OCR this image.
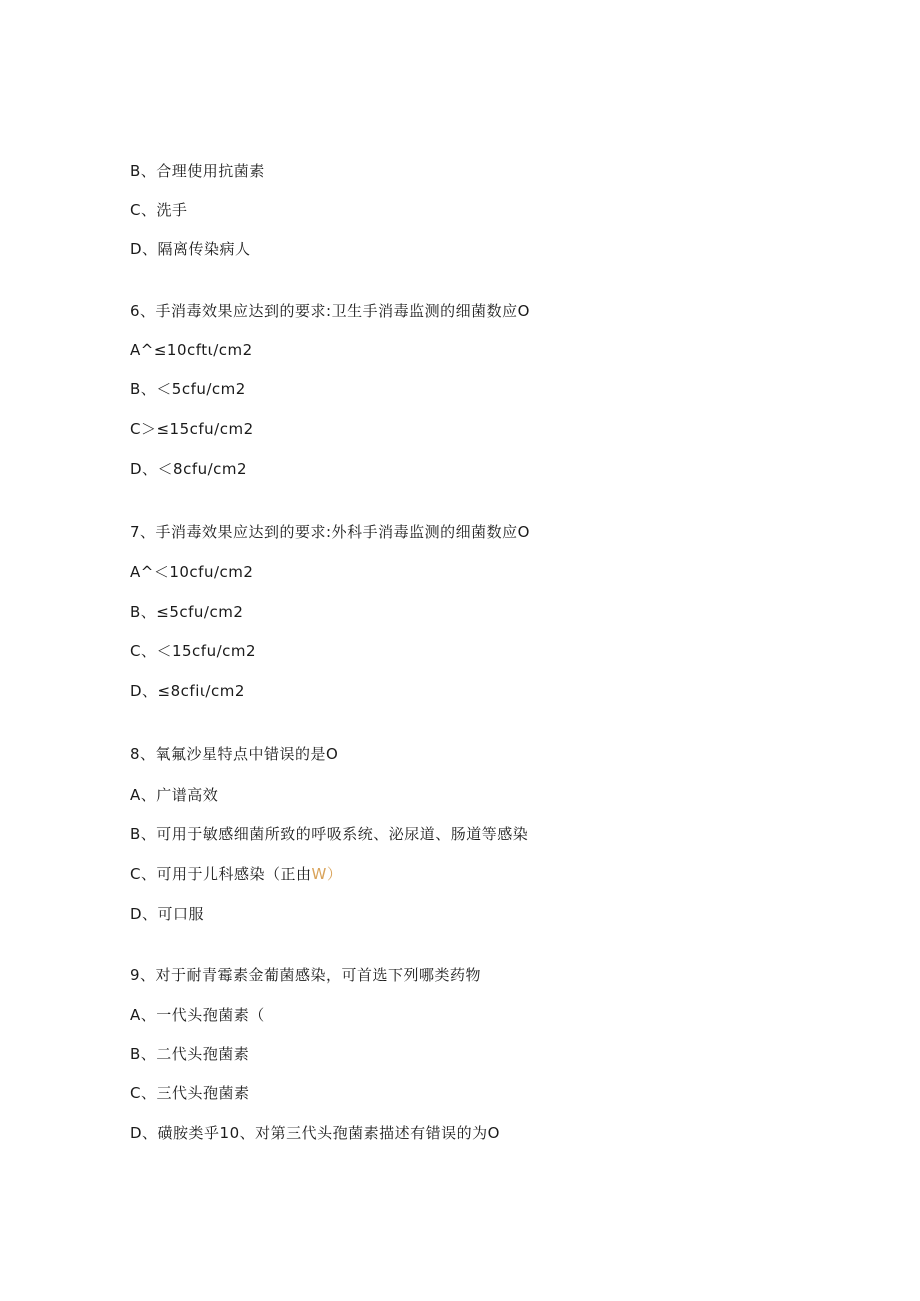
B、合理使用抗菌素
C、洗手
D、隔离传染病人
6、手消毒效果应达到的要求:卫生手消毒监测的细菌数应O
A^≤10cftι∕cm2
B、＜5cfu∕cm2
C＞≤15cfu∕cm2
D、＜8cfu∕cm2
7、手消毒效果应达到的要求:外科手消毒监测的细菌数应O
A^＜10cfu∕cm2
B、≤5cfu∕cm2
C、＜15cfu∕cm2
D、≤8cfiι∕cm2
8、氧氟沙星特点中错误的是O
A、广谱高效
B、可用于敏感细菌所致的呼吸系统、泌尿道、肠道等感染
C、可用于儿科感染（正由W）
D、可口服
9、对于耐青霉素金葡菌感染，可首选下列哪类药物
A、一代头孢菌素（
B、二代头孢菌素
C、三代头孢菌素
D、磺胺类乎10、对第三代头孢菌素描述有错误的为O
